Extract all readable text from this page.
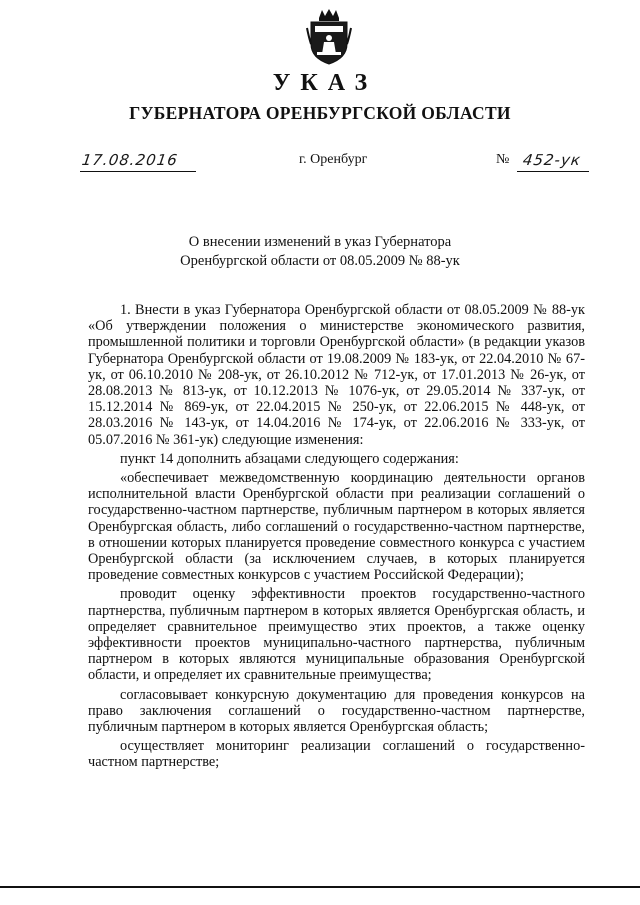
УКАЗ
ГУБЕРНАТОРА ОРЕНБУРГСКОЙ ОБЛАСТИ
17.08.2016	г. Оренбург	№ 452-ук
О внесении изменений в указ Губернатора
Оренбургской области от 08.05.2009 № 88-ук

1. Внести в указ Губернатора Оренбургской области от 08.05.2009 № 88-ук «Об утверждении положения о министерстве экономического развития, промышленной политики и торговли Оренбургской области» (в редакции указов Губернатора Оренбургской области от 19.08.2009 № 183-ук, от 22.04.2010 № 67-ук, от 06.10.2010 № 208-ук, от 26.10.2012 № 712-ук, от 17.01.2013 № 26-ук, от 28.08.2013 № 813-ук, от 10.12.2013 № 1076-ук, от 29.05.2014 № 337-ук, от 15.12.2014 № 869-ук, от 22.04.2015 № 250-ук, от 22.06.2015 № 448-ук, от 28.03.2016 № 143-ук, от 14.04.2016 № 174-ук, от 22.06.2016 № 333-ук, от 05.07.2016 № 361-ук) следующие изменения:

пункт 14 дополнить абзацами следующего содержания:

«обеспечивает межведомственную координацию деятельности органов исполнительной власти Оренбургской области при реализации соглашений о государственно-частном партнерстве, публичным партнером в которых является Оренбургская область, либо соглашений о государственно-частном партнерстве, в отношении которых планируется проведение совместного конкурса с участием Оренбургской области (за исключением случаев, в которых планируется проведение совместных конкурсов с участием Российской Федерации);

проводит оценку эффективности проектов государственно-частного партнерства, публичным партнером в которых является Оренбургская область, и определяет сравнительное преимущество этих проектов, а также оценку эффективности проектов муниципально-частного партнерства, публичным партнером в которых являются муниципальные образования Оренбургской области, и определяет их сравнительные преимущества;

согласовывает конкурсную документацию для проведения конкурсов на право заключения соглашений о государственно-частном партнерстве, публичным партнером в которых является Оренбургская область;

осуществляет мониторинг реализации соглашений о государственно-частном партнерстве;
